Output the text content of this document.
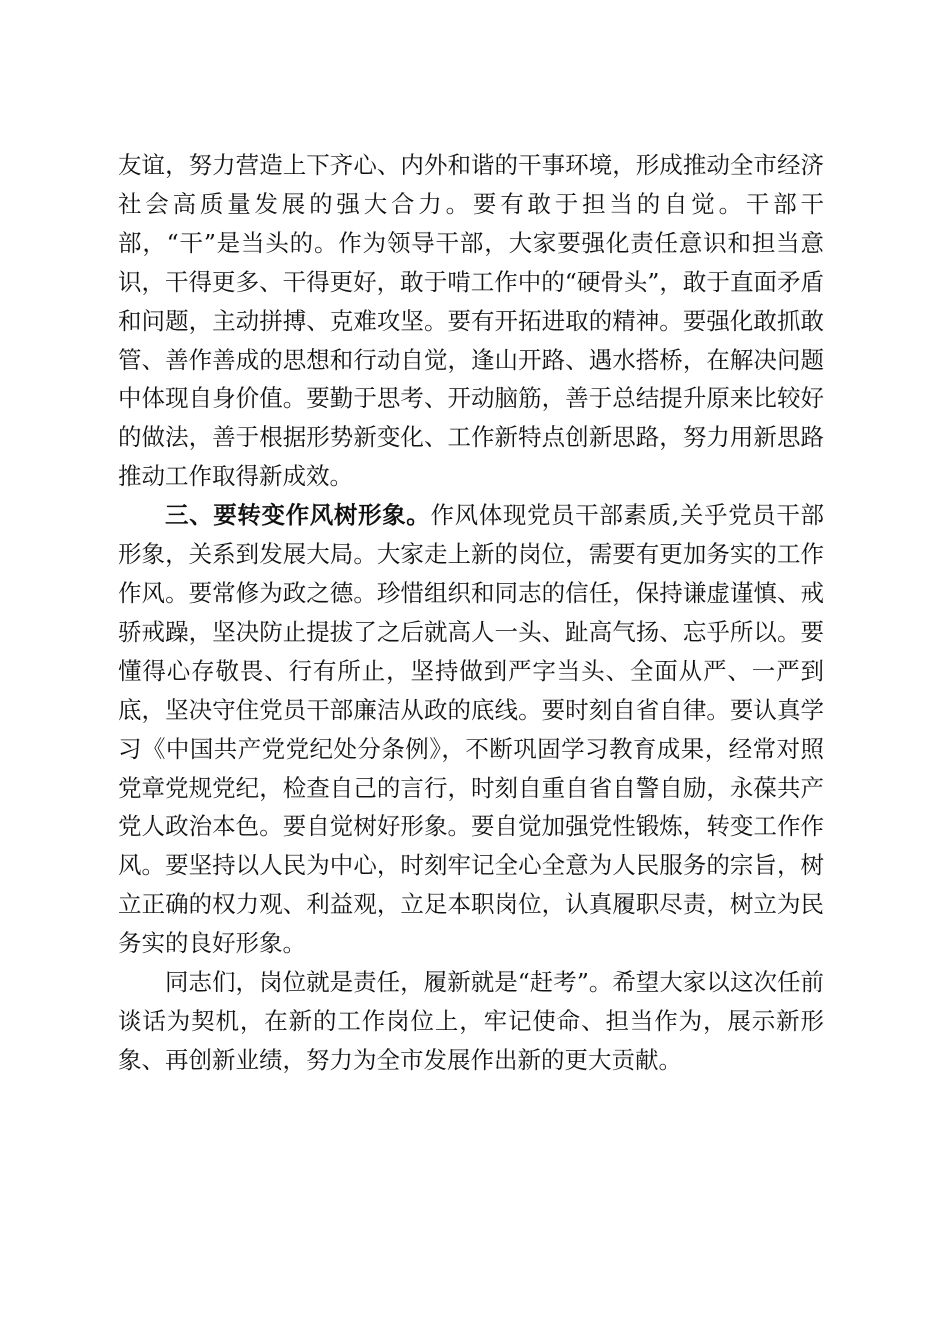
友谊，努力营造上下齐心、内外和谐的干事环境，形成推动全市经济社会高质量发展的强大合力。要有敢于担当的自觉。干部干部，“干”是当头的。作为领导干部，大家要强化责任意识和担当意识，干得更多、干得更好，敢于啃工作中的“硬骨头”，敢于直面矛盾和问题，主动拼搏、克难攻坚。要有开拓进取的精神。要强化敢抓敢管、善作善成的思想和行动自觉，逢山开路、遇水搭桥，在解决问题中体现自身价值。要勤于思考、开动脑筋，善于总结提升原来比较好的做法，善于根据形势新变化、工作新特点创新思路，努力用新思路推动工作取得新成效。

三、要转变作风树形象。作风体现党员干部素质,关乎党员干部形象，关系到发展大局。大家走上新的岗位，需要有更加务实的工作作风。要常修为政之德。珍惜组织和同志的信任，保持谦虚谨慎、戒骄戒躁，坚决防止提拔了之后就高人一头、趾高气扬、忘乎所以。要懂得心存敬畏、行有所止，坚持做到严字当头、全面从严、一严到底，坚决守住党员干部廉洁从政的底线。要时刻自省自律。要认真学习《中国共产党党纪处分条例》，不断巩固学习教育成果，经常对照党章党规党纪，检查自己的言行，时刻自重自省自警自励，永葆共产党人政治本色。要自觉树好形象。要自觉加强党性锻炼，转变工作作风。要坚持以人民为中心，时刻牢记全心全意为人民服务的宗旨，树立正确的权力观、利益观，立足本职岗位，认真履职尽责，树立为民务实的良好形象。

同志们，岗位就是责任，履新就是“赶考”。希望大家以这次任前谈话为契机，在新的工作岗位上，牢记使命、担当作为，展示新形象、再创新业绩，努力为全市发展作出新的更大贡献。
